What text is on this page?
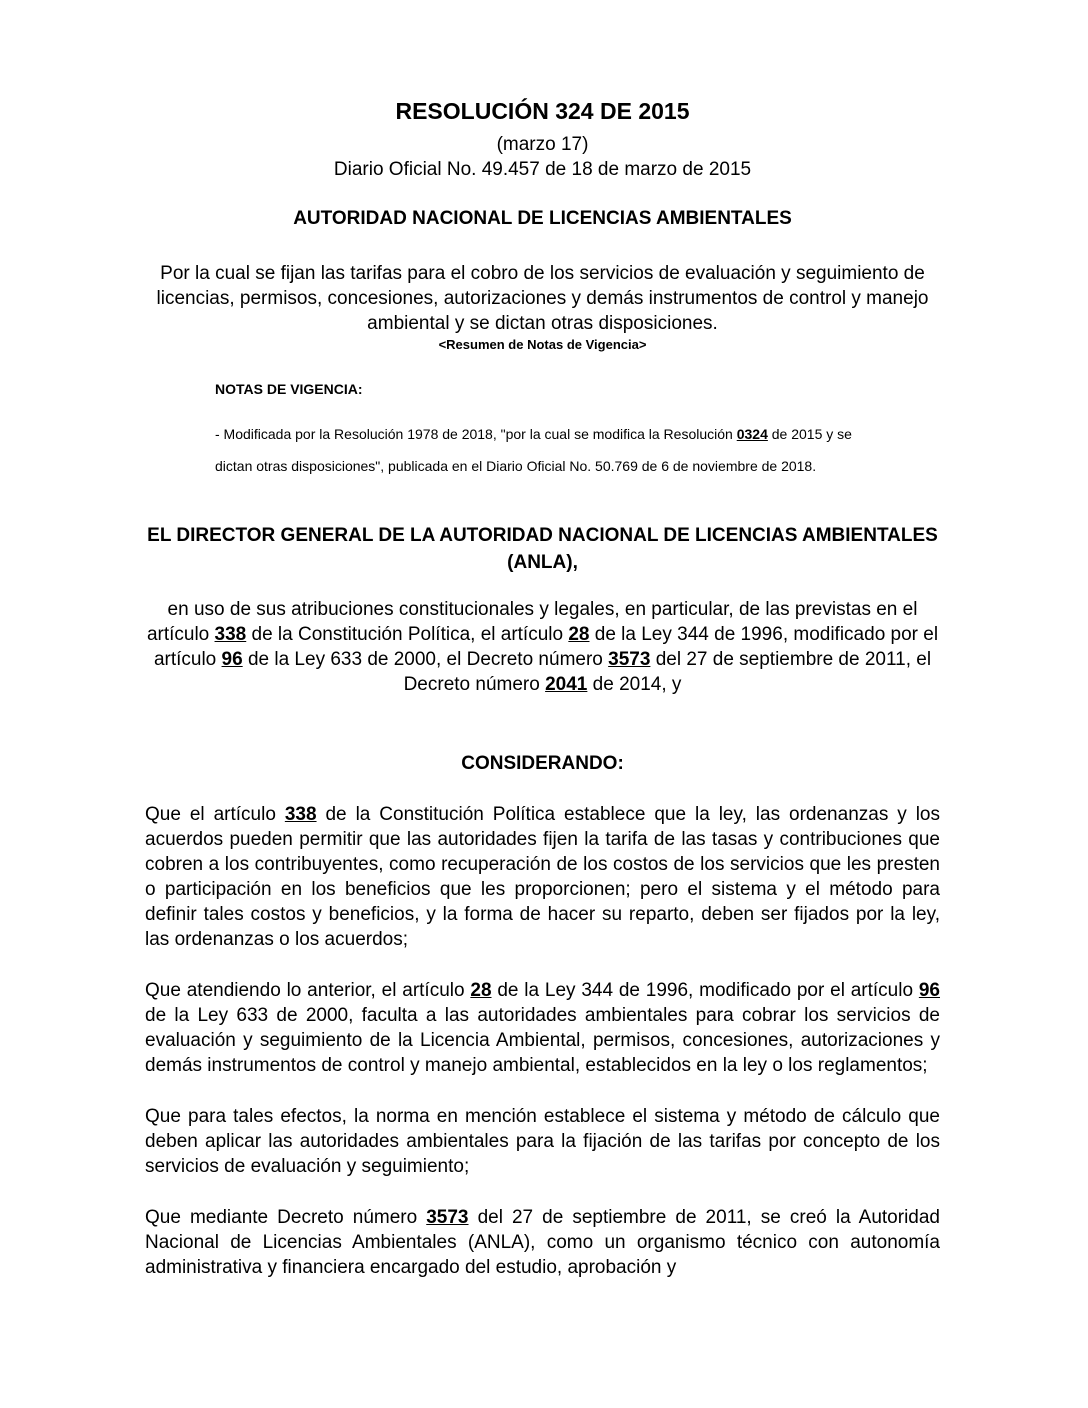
RESOLUCIÓN 324 DE 2015
(marzo 17)
Diario Oficial No. 49.457 de 18 de marzo de 2015
AUTORIDAD NACIONAL DE LICENCIAS AMBIENTALES
Por la cual se fijan las tarifas para el cobro de los servicios de evaluación y seguimiento de licencias, permisos, concesiones, autorizaciones y demás instrumentos de control y manejo ambiental y se dictan otras disposiciones.
<Resumen de Notas de Vigencia>
NOTAS DE VIGENCIA:
- Modificada por la Resolución 1978 de 2018, "por la cual se modifica la Resolución 0324 de 2015 y se dictan otras disposiciones", publicada en el Diario Oficial No. 50.769 de 6 de noviembre de 2018.
EL DIRECTOR GENERAL DE LA AUTORIDAD NACIONAL DE LICENCIAS AMBIENTALES (ANLA),
en uso de sus atribuciones constitucionales y legales, en particular, de las previstas en el artículo 338 de la Constitución Política, el artículo 28 de la Ley 344 de 1996, modificado por el artículo 96 de la Ley 633 de 2000, el Decreto número 3573 del 27 de septiembre de 2011, el Decreto número 2041 de 2014, y
CONSIDERANDO:

Que el artículo 338 de la Constitución Política establece que la ley, las ordenanzas y los acuerdos pueden permitir que las autoridades fijen la tarifa de las tasas y contribuciones que cobren a los contribuyentes, como recuperación de los costos de los servicios que les presten o participación en los beneficios que les proporcionen; pero el sistema y el método para definir tales costos y beneficios, y la forma de hacer su reparto, deben ser fijados por la ley, las ordenanzas o los acuerdos;

Que atendiendo lo anterior, el artículo 28 de la Ley 344 de 1996, modificado por el artículo 96 de la Ley 633 de 2000, faculta a las autoridades ambientales para cobrar los servicios de evaluación y seguimiento de la Licencia Ambiental, permisos, concesiones, autorizaciones y demás instrumentos de control y manejo ambiental, establecidos en la ley o los reglamentos;

Que para tales efectos, la norma en mención establece el sistema y método de cálculo que deben aplicar las autoridades ambientales para la fijación de las tarifas por concepto de los servicios de evaluación y seguimiento;

Que mediante Decreto número 3573 del 27 de septiembre de 2011, se creó la Autoridad Nacional de Licencias Ambientales (ANLA), como un organismo técnico con autonomía administrativa y financiera encargado del estudio, aprobación y
